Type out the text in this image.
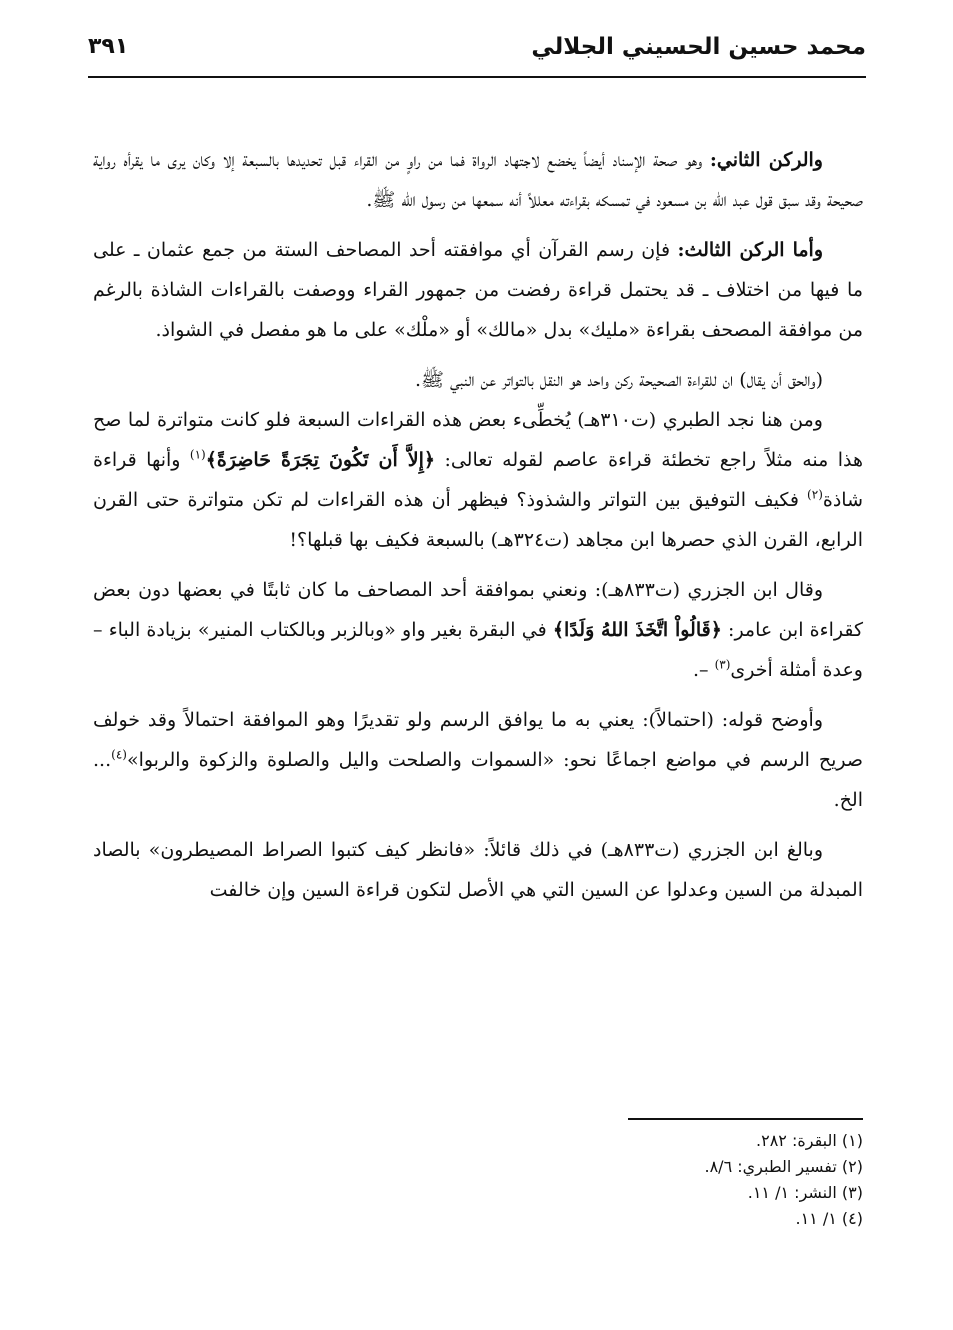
محمد حسين الحسيني الجلالي
٣٩١

والركن الثاني: وهو صحة الإسناد أيضاً يخضع لاجتهاد الرواة فما من راوٍ من القراء قبل تحديدها بالسبعة إلا وكان يرى ما يقرأه رواية صحيحة وقد سبق قول عبد الله بن مسعود في تمسكه بقراءته معللاً أنه سمعها من رسول الله ﷺ.

وأما الركن الثالث: فإن رسم القرآن أي موافقته أحد المصاحف الستة من جمع عثمان ـ على ما فيها من اختلاف ـ قد يحتمل قراءة رفضت من جمهور القراء ووصفت بالقراءات الشاذة بالرغم من موافقة المصحف بقراءة «مليك» بدل «مالك» أو «ملْك» على ما هو مفصل في الشواذ.

(والحق أن يقال) ان للقراءة الصحيحة ركن واحد هو النقل بالتواتر عن النبي ﷺ.

ومن هنا نجد الطبري (ت٣١٠هـ) يُخطِّىء بعض هذه القراءات السبعة فلو كانت متواترة لما صح هذا منه مثلاً راجع تخطئة قراءة عاصم لقوله تعالى: ﴿إِلاَّ أَن تَكُونَ تِجَرَةً حَاضِرَةً﴾$^{(١)}$ وأنها قراءة شاذة$^{(٢)}$ فكيف التوفيق بين التواتر والشذوذ؟ فيظهر أن هذه القراءات لم تكن متواترة حتى القرن الرابع، القرن الذي حصرها ابن مجاهد (ت٣٢٤هـ) بالسبعة فكيف بها قبلها؟!

وقال ابن الجزري (ت٨٣٣هـ): ونعني بموافقة أحد المصاحف ما كان ثابتًا في بعضها دون بعض كقراءة ابن عامر: ﴿قَالُواْ اتَّخَذَ اللهُ وَلَدًا﴾ في البقرة بغير واو «وبالزبر وبالكتاب المنير» بزيادة الباء – وعدة أمثلة أخرى$^{(٣)}$ –.

وأوضح قوله: (احتمالاً): يعني به ما يوافق الرسم ولو تقديرًا وهو الموافقة احتمالاً وقد خولف صريح الرسم في مواضع اجماعًا نحو: «السموات والصلحت واليل والصلوة والزكوة والربوا»$^{(٤)}$... الخ.

وبالغ ابن الجزري (ت٨٣٣هـ) في ذلك قائلاً: «فانظر كيف كتبوا الصراط المصيطرون» بالصاد المبدلة من السين وعدلوا عن السين التي هي الأصل لتكون قراءة السين وإن خالفت

(١) البقرة: ٢٨٢.
(٢) تفسير الطبري: ٨/٦.
(٣) النشر: ١/ ١١.
(٤) ١/ ١١.
